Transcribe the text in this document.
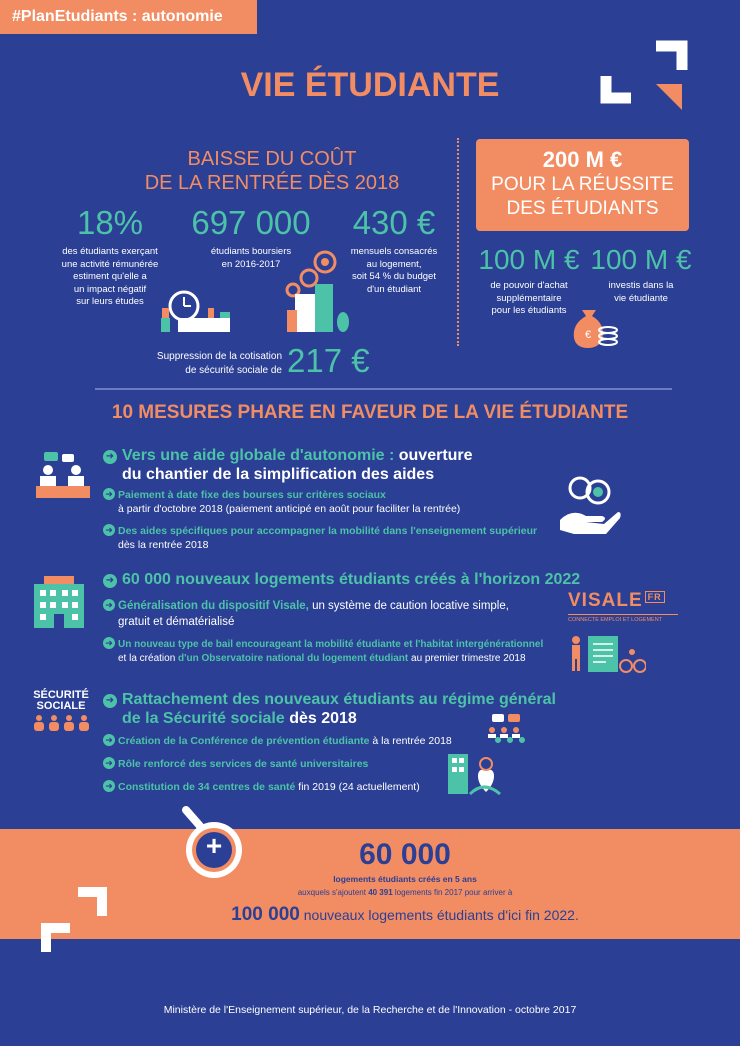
#PlanEtudiants : autonomie
VIE ÉTUDIANTE
BAISSE DU COÛT
DE LA RENTRÉE DÈS 2018
18%
des étudiants exerçant
une activité rémunérée
estiment qu'elle a
un impact négatif
sur leurs études
697 000
étudiants boursiers
en 2016-2017
430 €
mensuels consacrés
au logement,
soit 54 % du budget
d'un étudiant
Suppression de la cotisation
de sécurité sociale de 217 €
200 M €
POUR LA RÉUSSITE
DES ÉTUDIANTS
100 M €
de pouvoir d'achat
supplémentaire
pour les étudiants
100 M €
investis dans la
vie étudiante
€
10 MESURES PHARE EN FAVEUR DE LA VIE ÉTUDIANTE
➜ Vers une aide globale d'autonomie : ouverture
du chantier de la simplification des aides
➜ Paiement à date fixe des bourses sur critères sociaux
à partir d'octobre 2018 (paiement anticipé en août pour faciliter la rentrée)
➜ Des aides spécifiques pour accompagner la mobilité dans l'enseignement supérieur
dès la rentrée 2018
➜ 60 000 nouveaux logements étudiants créés à l'horizon 2022
➜ Généralisation du dispositif Visale, un système de caution locative simple,
gratuit et dématérialisé
➜ Un nouveau type de bail encourageant la mobilité étudiante et l'habitat intergénérationnel
et la création d'un Observatoire national du logement étudiant au premier trimestre 2018
VISALE $^{FR}$
CONNECTE EMPLOI ET LOGEMENT
SÉCURITÉ
SOCIALE	➜ Rattachement des nouveaux étudiants au régime général
de la Sécurité sociale dès 2018
➜ Création de la Conférence de prévention étudiante à la rentrée 2018
➜ Rôle renforcé des services de santé universitaires
➜ Constitution de 34 centres de santé fin 2019 (24 actuellement)
+	60 000
logements étudiants créés en 5 ans
auxquels s'ajoutent 40 391 logements fin 2017 pour arriver à
100 000 nouveaux logements étudiants d'ici fin 2022.
Ministère de l'Enseignement supérieur, de la Recherche et de l'Innovation - octobre 2017
